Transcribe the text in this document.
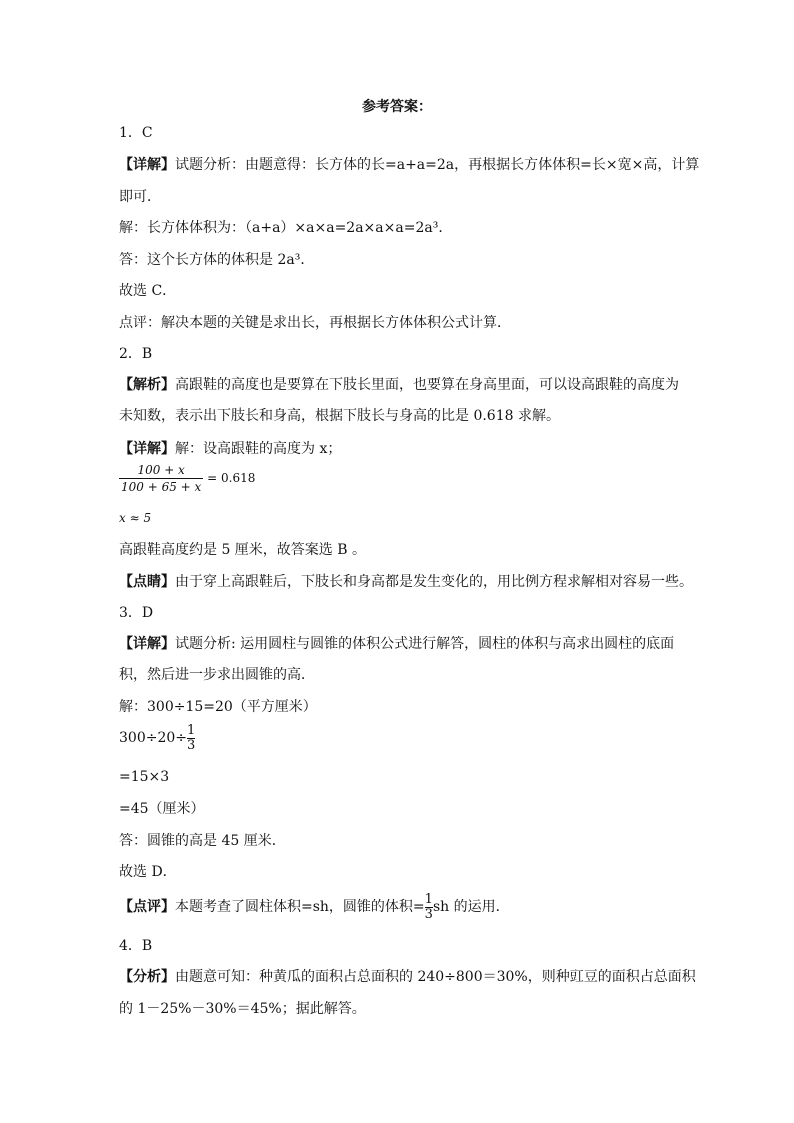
参考答案：
1．C
【详解】试题分析：由题意得：长方体的长=a+a=2a，再根据长方体体积=长×宽×高，计算
即可．
解：长方体体积为：（a+a）×a×a=2a×a×a=2a³．
答：这个长方体的体积是 2a³．
故选 C．
点评：解决本题的关键是求出长，再根据长方体体积公式计算．
2．B
【解析】高跟鞋的高度也是要算在下肢长里面，也要算在身高里面，可以设高跟鞋的高度为
未知数，表示出下肢长和身高，根据下肢长与身高的比是 0.618 求解。
【详解】解：设高跟鞋的高度为 x；
$\frac{100 + x}{100 + 65 + x} = 0.618$
x ≈ 5
高跟鞋高度约是 5 厘米，故答案选 B 。
【点睛】由于穿上高跟鞋后，下肢长和身高都是发生变化的，用比例方程求解相对容易一些。
3．D
【详解】试题分析: 运用圆柱与圆锥的体积公式进行解答，圆柱的体积与高求出圆柱的底面
积，然后进一步求出圆锥的高．
解：300÷15=20（平方厘米）
$300\div 20\div \frac{1}{3}$
=15×3
=45（厘米）
答：圆锥的高是 45 厘米．
故选 D．
【点评】本题考查了圆柱体积=sh，圆锥的体积= $\frac{1}{3}$ sh 的运用．
4．B
【分析】由题意可知：种黄瓜的面积占总面积的 240÷800＝30%，则种豇豆的面积占总面积
的 1－25%－30%＝45%；据此解答。
